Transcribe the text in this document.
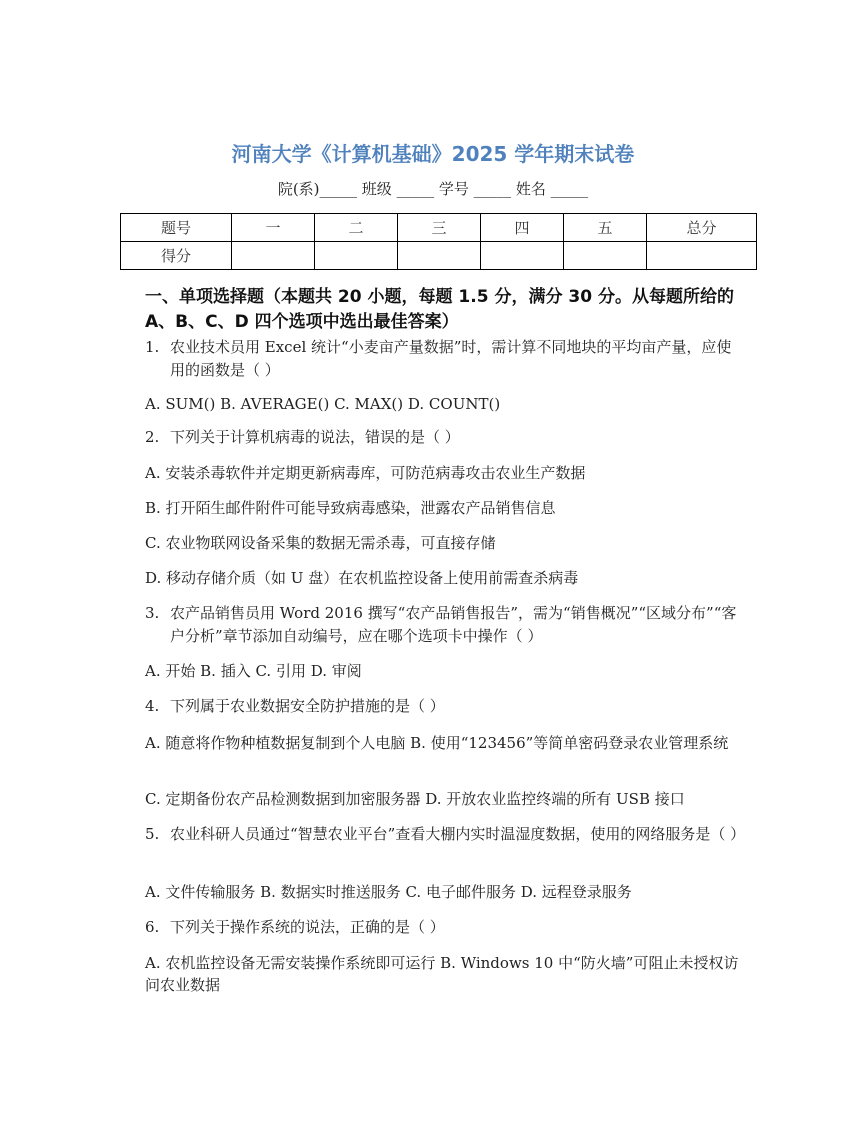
河南大学《计算机基础》2025 学年期末试卷
院(系)_____ 班级 _____ 学号 _____ 姓名 _____
题号	一	二	三	四	五	总分
得分						
一、单项选择题（本题共 20 小题，每题 1.5 分，满分 30 分。从每题所给的 A、B、C、D 四个选项中选出最佳答案）
1. 农业技术员用 Excel 统计“小麦亩产量数据”时，需计算不同地块的平均亩产量，应使用的函数是（ ）
A. SUM() B. AVERAGE() C. MAX() D. COUNT()
2. 下列关于计算机病毒的说法，错误的是（ ）
A. 安装杀毒软件并定期更新病毒库，可防范病毒攻击农业生产数据
B. 打开陌生邮件附件可能导致病毒感染，泄露农产品销售信息
C. 农业物联网设备采集的数据无需杀毒，可直接存储
D. 移动存储介质（如 U 盘）在农机监控设备上使用前需查杀病毒
3. 农产品销售员用 Word 2016 撰写“农产品销售报告”，需为“销售概况”“区域分布”“客户分析”章节添加自动编号，应在哪个选项卡中操作（ ）
A. 开始 B. 插入 C. 引用 D. 审阅
4. 下列属于农业数据安全防护措施的是（ ）
A. 随意将作物种植数据复制到个人电脑 B. 使用“123456”等简单密码登录农业管理系统
C. 定期备份农产品检测数据到加密服务器 D. 开放农业监控终端的所有 USB 接口
5. 农业科研人员通过“智慧农业平台”查看大棚内实时温湿度数据，使用的网络服务是（ ）
A. 文件传输服务 B. 数据实时推送服务 C. 电子邮件服务 D. 远程登录服务
6. 下列关于操作系统的说法，正确的是（ ）
A. 农机监控设备无需安装操作系统即可运行 B. Windows 10 中“防火墙”可阻止未授权访问农业数据
